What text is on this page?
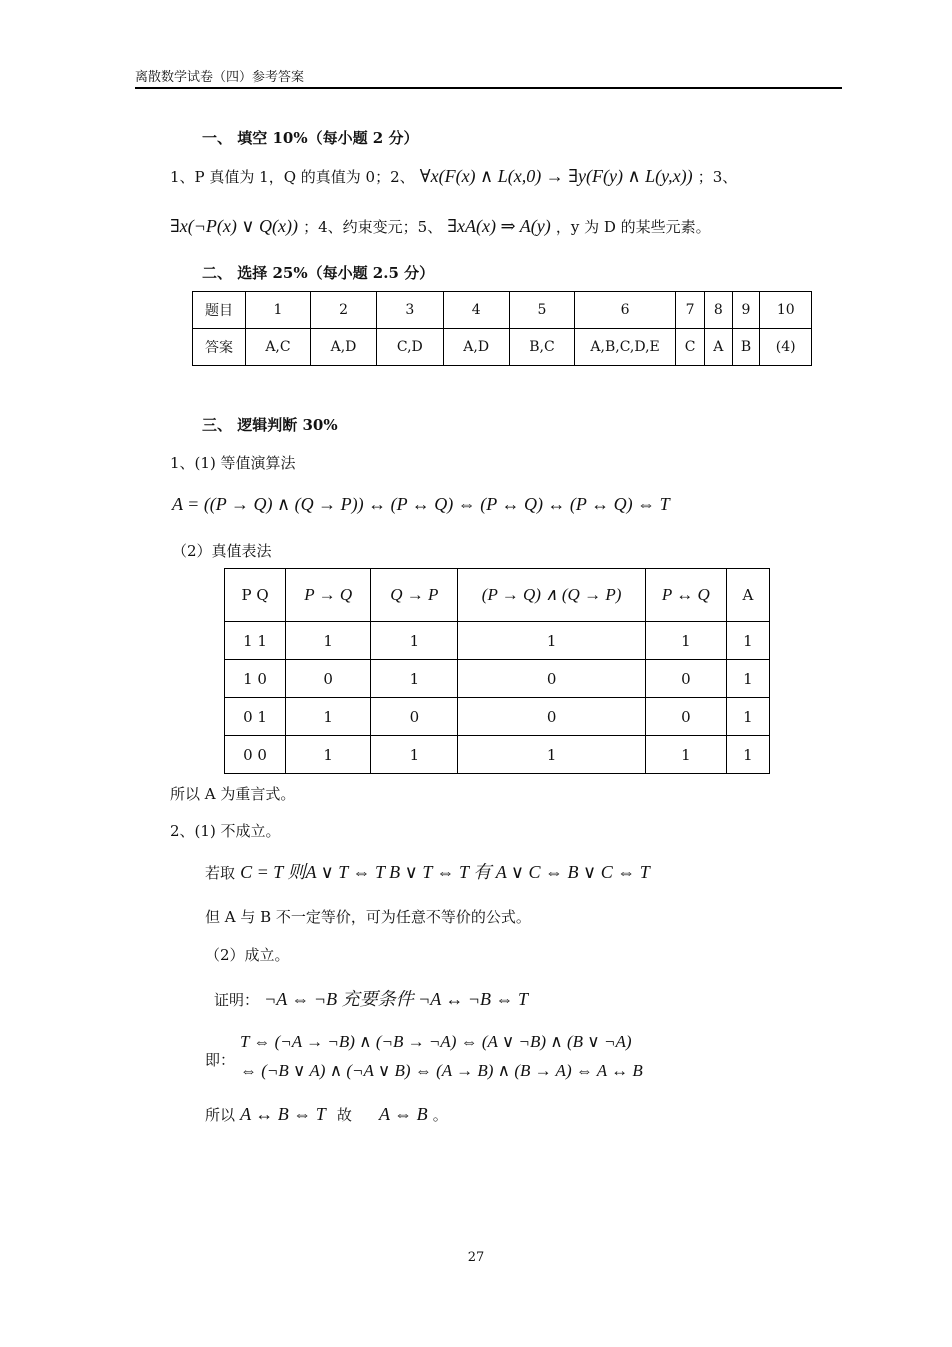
离散数学试卷（四）参考答案
一、 填空 10%（每小题 2 分）
1、P 真值为 1，Q 的真值为 0；2、 ∀x(F(x) ∧ L(x,0) → ∃y(F(y) ∧ L(y,x)) ；3、
∃x(¬P(x) ∨ Q(x)) ；4、约束变元；5、 ∃xA(x) ⇒ A(y) ，y 为 D 的某些元素。
二、 选择 25%（每小题 2.5 分）
题目	1	2	3	4	5	6	7	8	9	10
答案	A,C	A,D	C,D	A,D	B,C	A,B,C,D,E	C	A	B	(4)
三、 逻辑判断 30%
1、(1) 等值演算法
A = ((P → Q) ∧ (Q → P)) ↔ (P ↔ Q) ⇔ (P ↔ Q) ↔ (P ↔ Q) ⇔ T
（2）真值表法
P Q	P → Q	Q → P	(P → Q) ∧ (Q → P)	P ↔ Q	A
1 1	1	1	1	1	1
1 0	0	1	0	0	1
0 1	1	0	0	0	1
0 0	1	1	1	1	1
所以 A 为重言式。
2、(1) 不成立。
若取 C = T 则A ∨ T ⇔ T B ∨ T ⇔ T 有 A ∨ C ⇔ B ∨ C ⇔ T
但 A 与 B 不一定等价，可为任意不等价的公式。
（2）成立。
证明： ¬A ⇔ ¬B 充要条件 ¬A ↔ ¬B ⇔ T
即：
T ⇔ (¬A → ¬B) ∧ (¬B → ¬A) ⇔ (A ∨ ¬B) ∧ (B ∨ ¬A)
⇔ (¬B ∨ A) ∧ (¬A ∨ B) ⇔ (A → B) ∧ (B → A) ⇔ A ↔ B
所以 A ↔ B ⇔ T 故 A ⇔ B 。
27
